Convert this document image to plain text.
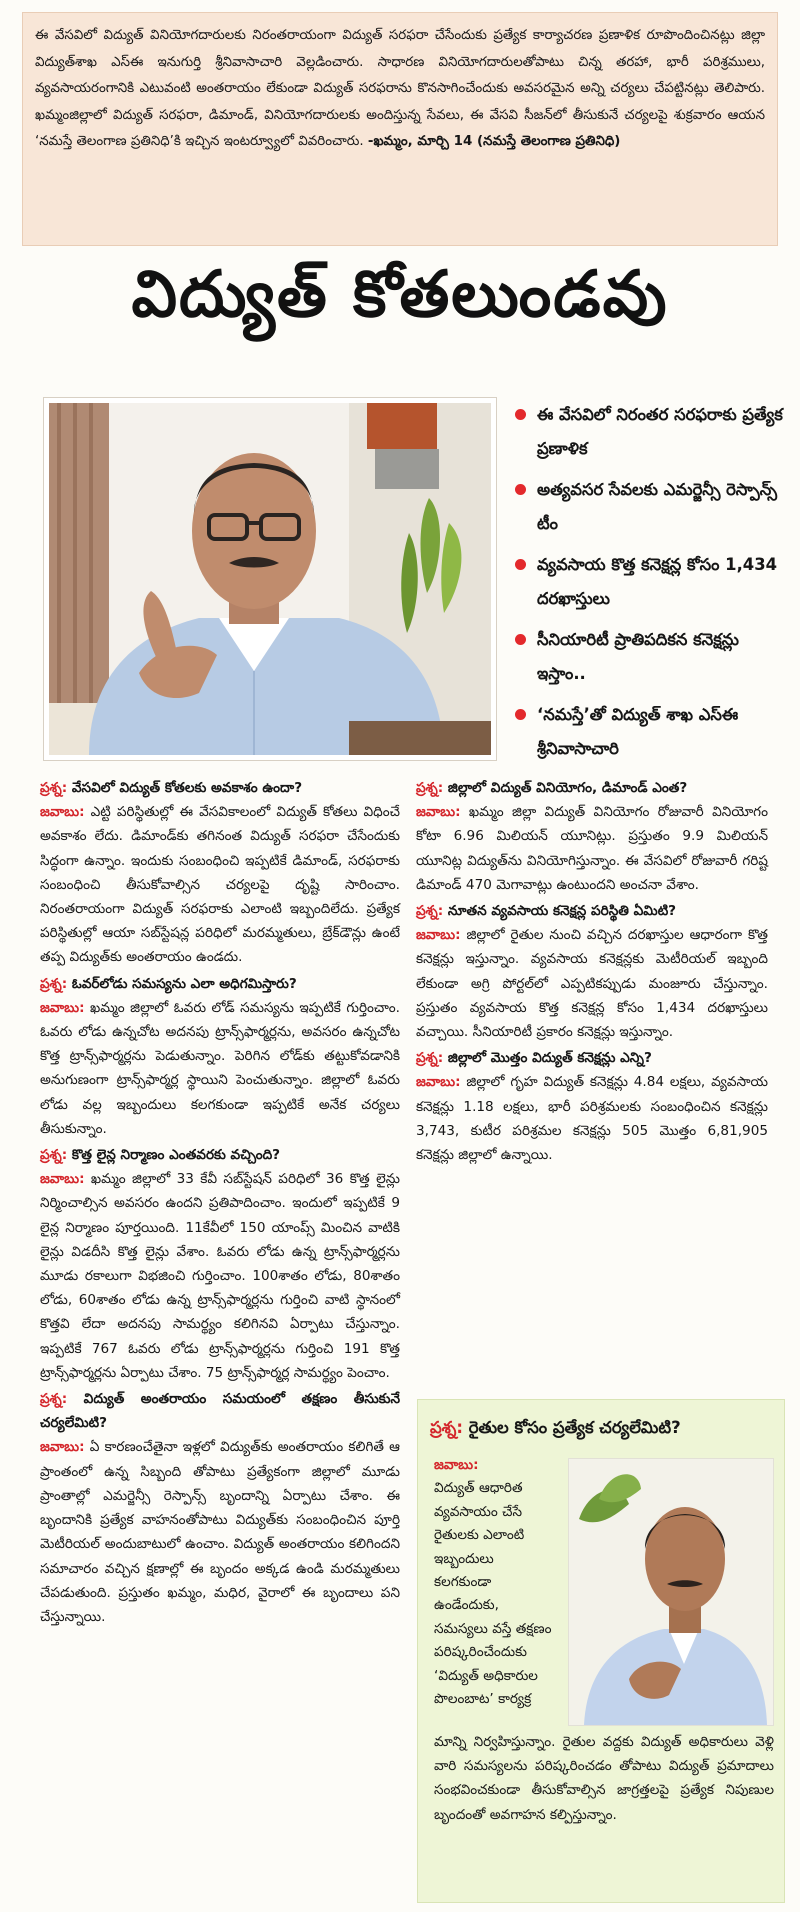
ఈ వేసవిలో విద్యుత్‌ వినియోగదారులకు నిరంతరాయంగా విద్యుత్‌ సరఫరా చేసేందుకు ప్రత్యేక కార్యాచరణ ప్రణాళిక రూపొందించినట్లు జిల్లా విద్యుత్‌శాఖ ఎస్‌ఈ ఇనుగుర్తి శ్రీనివాసాచారి వెల్లడించారు. సాధారణ వినియోగదారులతోపాటు చిన్న తరహా, భారీ పరిశ్రములు, వ్యవసాయరంగానికి ఎటువంటి అంతరాయం లేకుండా విద్యుత్‌ సరఫరాను కొనసాగించేందుకు అవసరమైన అన్ని చర్యలు చేపట్టినట్లు తెలిపారు. ఖమ్మంజిల్లాలో విద్యుత్‌ సరఫరా, డిమాండ్‌, వినియోగదారులకు అందిస్తున్న సేవలు, ఈ వేసవి సీజన్‌లో తీసుకునే చర్యలపై శుక్రవారం ఆయన ‘నమస్తే తెలంగాణ ప్రతినిధి’కి ఇచ్చిన ఇంటర్వ్యూలో వివరించారు. -ఖమ్మం, మార్చి 14 (నమస్తే తెలంగాణ ప్రతినిధి)
విద్యుత్‌ కోతలుండవు
ఈ వేసవిలో నిరంతర సరఫరాకు ప్రత్యేక ప్రణాళిక
అత్యవసర సేవలకు ఎమర్జెన్సీ రెస్పాన్స్‌ టీం
వ్యవసాయ కొత్త కనెక్షన్ల కోసం 1,434 దరఖాస్తులు
సీనియారిటీ ప్రాతిపదికన కనెక్షన్లు ఇస్తాం..
‘నమస్తే’తో విద్యుత్‌ శాఖ ఎస్‌ఈ శ్రీనివాసాచారి
ప్రశ్న: వేసవిలో విద్యుత్‌ కోతలకు అవకాశం ఉందా?
జవాబు: ఎట్టి పరిస్థితుల్లో ఈ వేసవికాలంలో విద్యుత్‌ కోతలు విధించే అవకాశం లేదు. డిమాండ్‌కు తగినంత విద్యుత్‌ సరఫరా చేసేందుకు సిద్ధంగా ఉన్నాం. ఇందుకు సంబంధించి ఇప్పటికే డిమాండ్‌, సరఫరాకు సంబంధించి తీసుకోవాల్సిన చర్యలపై దృష్టి సారించాం. నిరంతరాయంగా విద్యుత్‌ సరఫరాకు ఎలాంటి ఇబ్బందిలేదు. ప్రత్యేక పరిస్థితుల్లో ఆయా సబ్‌స్టేషన్ల పరిధిలో మరమ్మతులు, బ్రేక్‌డౌన్లు ఉంటే తప్ప విద్యుత్‌కు అంతరాయం ఉండదు.
ప్రశ్న: ఓవర్‌లోడు సమస్యను ఎలా అధిగమిస్తారు?
జవాబు: ఖమ్మం జిల్లాలో ఓవరు లోడ్‌ సమస్యను ఇప్పటికే గుర్తించాం. ఓవరు లోడు ఉన్నచోట అదనపు ట్రాన్స్‌ఫార్మర్లను, అవసరం ఉన్నచోట కొత్త ట్రాన్స్‌ఫార్మర్లను పెడుతున్నాం. పెరిగిన లోడ్‌కు తట్టుకోవడానికి అనుగుణంగా ట్రాన్స్‌ఫార్మర్ల స్థాయిని పెంచుతున్నాం. జిల్లాలో ఓవరు లోడు వల్ల ఇబ్బందులు కలగకుండా ఇప్పటికే అనేక చర్యలు తీసుకున్నాం.
ప్రశ్న: కొత్త లైన్ల నిర్మాణం ఎంతవరకు వచ్చింది?
జవాబు: ఖమ్మం జిల్లాలో 33 కేవీ సబ్‌స్టేషన్‌ పరిధిలో 36 కొత్త లైన్లు నిర్మించాల్సిన అవసరం ఉందని ప్రతిపాదించాం. ఇందులో ఇప్పటికే 9 లైన్ల నిర్మాణం పూర్తయింది. 11కేవీలో 150 యాంప్స్‌ మించిన వాటికి లైన్లు విడదీసి కొత్త లైన్లు వేశాం. ఓవరు లోడు ఉన్న ట్రాన్స్‌ఫార్మర్లను మూడు రకాలుగా విభజించి గుర్తించాం. 100శాతం లోడు, 80శాతం లోడు, 60శాతం లోడు ఉన్న ట్రాన్స్‌ఫార్మర్లను గుర్తించి వాటి స్థానంలో కొత్తవి లేదా అదనపు సామర్థ్యం కలిగినవి ఏర్పాటు చేస్తున్నాం. ఇప్పటికే 767 ఓవరు లోడు ట్రాన్స్‌ఫార్మర్లను గుర్తించి 191 కొత్త ట్రాన్స్‌ఫార్మర్లను ఏర్పాటు చేశాం. 75 ట్రాన్స్‌ఫార్మర్ల సామర్థ్యం పెంచాం.
ప్రశ్న: విద్యుత్‌ అంతరాయం సమయంలో తక్షణం తీసుకునే చర్యలేమిటి?
జవాబు: ఏ కారణంచేతైనా ఇళ్లలో విద్యుత్‌కు అంతరాయం కలిగితే ఆ ప్రాంతంలో ఉన్న సిబ్బంది తోపాటు ప్రత్యేకంగా జిల్లాలో మూడు ప్రాంతాల్లో ఎమర్జెన్సీ రెస్పాన్స్‌ బృందాన్ని ఏర్పాటు చేశాం. ఈ బృందానికి ప్రత్యేక వాహనంతోపాటు విద్యుత్‌కు సంబంధించిన పూర్తి మెటీరియల్‌ అందుబాటులో ఉంచాం. విద్యుత్‌ అంతరాయం కలిగిందని సమాచారం వచ్చిన క్షణాల్లో ఈ బృందం అక్కడ ఉండి మరమ్మతులు చేపడుతుంది. ప్రస్తుతం ఖమ్మం, మధిర, వైరాలో ఈ బృందాలు పని చేస్తున్నాయి.
ప్రశ్న: జిల్లాలో విద్యుత్‌ వినియోగం, డిమాండ్‌ ఎంత?
జవాబు: ఖమ్మం జిల్లా విద్యుత్‌ వినియోగం రోజువారీ వినియోగం కోటా 6.96 మిలియన్‌ యూనిట్లు. ప్రస్తుతం 9.9 మిలియన్‌ యూనిట్ల విద్యుత్‌ను వినియోగిస్తున్నాం. ఈ వేసవిలో రోజువారీ గరిష్ట డిమాండ్‌ 470 మెగావాట్లు ఉంటుందని అంచనా వేశాం.
ప్రశ్న: నూతన వ్యవసాయ కనెక్షన్ల పరిస్థితి ఏమిటి?
జవాబు: జిల్లాలో రైతుల నుంచి వచ్చిన దరఖాస్తుల ఆధారంగా కొత్త కనెక్షన్లు ఇస్తున్నాం. వ్యవసాయ కనెక్షన్లకు మెటీరియల్‌ ఇబ్బంది లేకుండా అగ్రి పోర్టల్‌లో ఎప్పటికప్పుడు మంజూరు చేస్తున్నాం. ప్రస్తుతం వ్యవసాయ కొత్త కనెక్షన్ల కోసం 1,434 దరఖాస్తులు వచ్చాయి. సీనియారిటీ ప్రకారం కనెక్షన్లు ఇస్తున్నాం.
ప్రశ్న: జిల్లాలో మొత్తం విద్యుత్‌ కనెక్షన్లు ఎన్ని?
జవాబు: జిల్లాలో గృహ విద్యుత్‌ కనెక్షన్లు 4.84 లక్షలు, వ్యవసాయ కనెక్షన్లు 1.18 లక్షలు, భారీ పరిశ్రమలకు సంబంధించిన కనెక్షన్లు 3,743, కుటీర పరిశ్రమల కనెక్షన్లు 505 మొత్తం 6,81,905 కనెక్షన్లు జిల్లాలో ఉన్నాయి.
ప్రశ్న: రైతుల కోసం ప్రత్యేక చర్యలేమిటి?
జవాబు:
విద్యుత్‌ ఆధారిత వ్యవసాయం చేసే రైతులకు ఎలాంటి ఇబ్బందులు కలగకుండా ఉండేందుకు, సమస్యలు వస్తే తక్షణం పరిష్కరించేందుకు ‘విద్యుత్‌ అధికారుల పొలంబాట’ కార్యక్ర
మాన్ని నిర్వహిస్తున్నాం. రైతుల వద్దకు విద్యుత్‌ అధికారులు వెళ్లి వారి సమస్యలను పరిష్కరించడం తోపాటు విద్యుత్‌ ప్రమాదాలు సంభవించకుండా తీసుకోవాల్సిన జాగ్రత్తలపై ప్రత్యేక నిపుణుల బృందంతో అవగాహన కల్పిస్తున్నాం.
